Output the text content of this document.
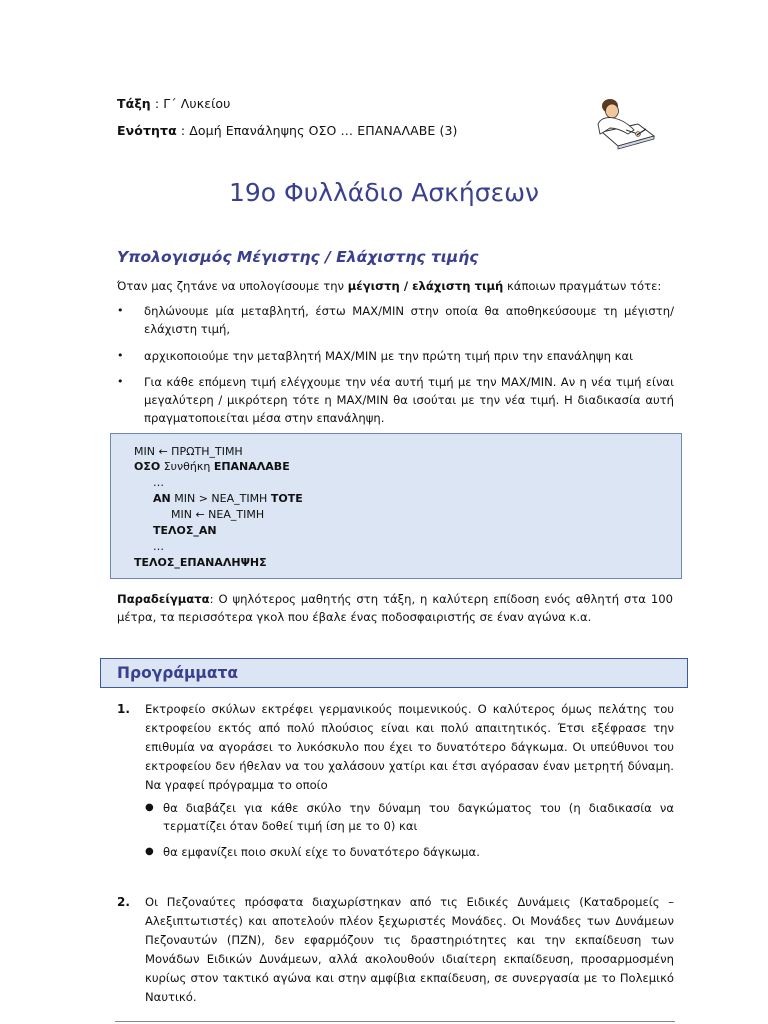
Τάξη : Γ΄ Λυκείου
Ενότητα : Δομή Επανάληψης ΟΣΟ … ΕΠΑΝΑΛΑΒΕ (3)
19ο Φυλλάδιο Ασκήσεων
Υπολογισμός Μέγιστης / Ελάχιστης τιμής
Όταν μας ζητάνε να υπολογίσουμε την μέγιστη / ελάχιστη τιμή κάποιων πραγμάτων τότε:
• δηλώνουμε μία μεταβλητή, έστω MAX/MIN στην οποία θα αποθηκεύσουμε τη μέγιστη/ ελάχιστη τιμή,
• αρχικοποιούμε την μεταβλητή MAX/MIN με την πρώτη τιμή πριν την επανάληψη και
• Για κάθε επόμενη τιμή ελέγχουμε την νέα αυτή τιμή με την MAX/MIN. Αν η νέα τιμή είναι μεγαλύτερη / μικρότερη τότε η MAX/MIN θα ισούται με την νέα τιμή. Η διαδικασία αυτή πραγματοποιείται μέσα στην επανάληψη.
MIN ← ΠΡΩΤΗ_ΤΙΜΗ
ΟΣΟ Συνθήκη ΕΠΑΝΑΛΑΒΕ
…
ΑΝ MIN > ΝΕΑ_ΤΙΜΗ ΤΟΤΕ
MIN ← ΝΕΑ_ΤΙΜΗ
ΤΕΛΟΣ_ΑΝ
…
ΤΕΛΟΣ_ΕΠΑΝΑΛΗΨΗΣ
Παραδείγματα: Ο ψηλότερος μαθητής στη τάξη, η καλύτερη επίδοση ενός αθλητή στα 100 μέτρα, τα περισσότερα γκολ που έβαλε ένας ποδοσφαιριστής σε έναν αγώνα κ.α.
Προγράμματα
1. Εκτροφείο σκύλων εκτρέφει γερμανικούς ποιμενικούς. Ο καλύτερος όμως πελάτης του εκτροφείου εκτός από πολύ πλούσιος είναι και πολύ απαιτητικός. Έτσι εξέφρασε την επιθυμία να αγοράσει το λυκόσκυλο που έχει το δυνατότερο δάγκωμα. Οι υπεύθυνοι του εκτροφείου δεν ήθελαν να του χαλάσουν χατίρι και έτσι αγόρασαν έναν μετρητή δύναμη. Να γραφεί πρόγραμμα το οποίο
● θα διαβάζει για κάθε σκύλο την δύναμη του δαγκώματος του (η διαδικασία να τερματίζει όταν δοθεί τιμή ίση με το 0) και
● θα εμφανίζει ποιο σκυλί είχε το δυνατότερο δάγκωμα.
2. Οι Πεζοναύτες πρόσφατα διαχωρίστηκαν από τις Ειδικές Δυνάμεις (Καταδρομείς – Αλεξιπτωτιστές) και αποτελούν πλέον ξεχωριστές Μονάδες. Οι Μονάδες των Δυνάμεων Πεζοναυτών (ΠΖΝ), δεν εφαρμόζουν τις δραστηριότητες και την εκπαίδευση των Μονάδων Ειδικών Δυνάμεων, αλλά ακολουθούν ιδιαίτερη εκπαίδευση, προσαρμοσμένη κυρίως στον τακτικό αγώνα και στην αμφίβια εκπαίδευση, σε συνεργασία με το Πολεμικό Ναυτικό.
